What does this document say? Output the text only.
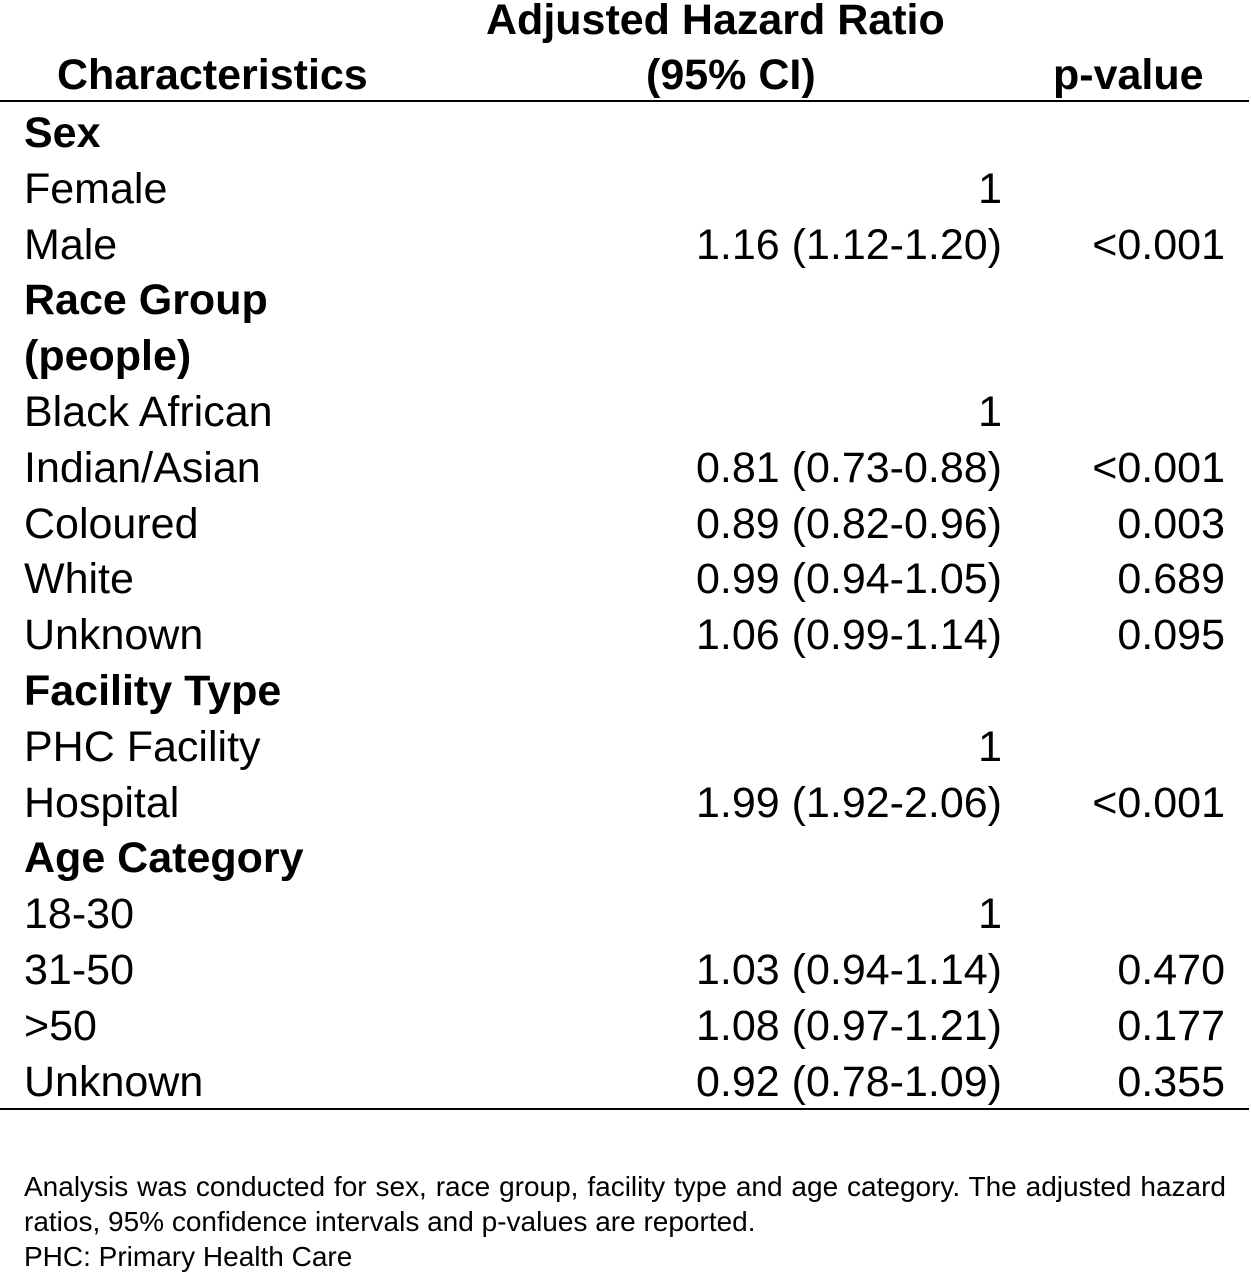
Adjusted Hazard Ratio
Characteristics	(95% CI)	p-value
Sex
Female	1
Male	1.16 (1.12-1.20) <0.001
Race Group
(people)
Black African	1
Indian/Asian	0.81 (0.73-0.88) <0.001
Coloured	0.89 (0.82-0.96)	0.003
White	0.99 (0.94-1.05)	0.689
Unknown	1.06 (0.99-1.14)	0.095
Facility Type
PHC Facility	1
Hospital	1.99 (1.92-2.06) <0.001
Age Category
18-30	1
31-50	1.03 (0.94-1.14)	0.470
>50	1.08 (0.97-1.21)	0.177
Unknown	0.92 (0.78-1.09)	0.355
Analysis was conducted for sex, race group, facility type and age category. The adjusted hazard ratios, 95% confidence intervals and p-values are reported.
PHC: Primary Health Care
